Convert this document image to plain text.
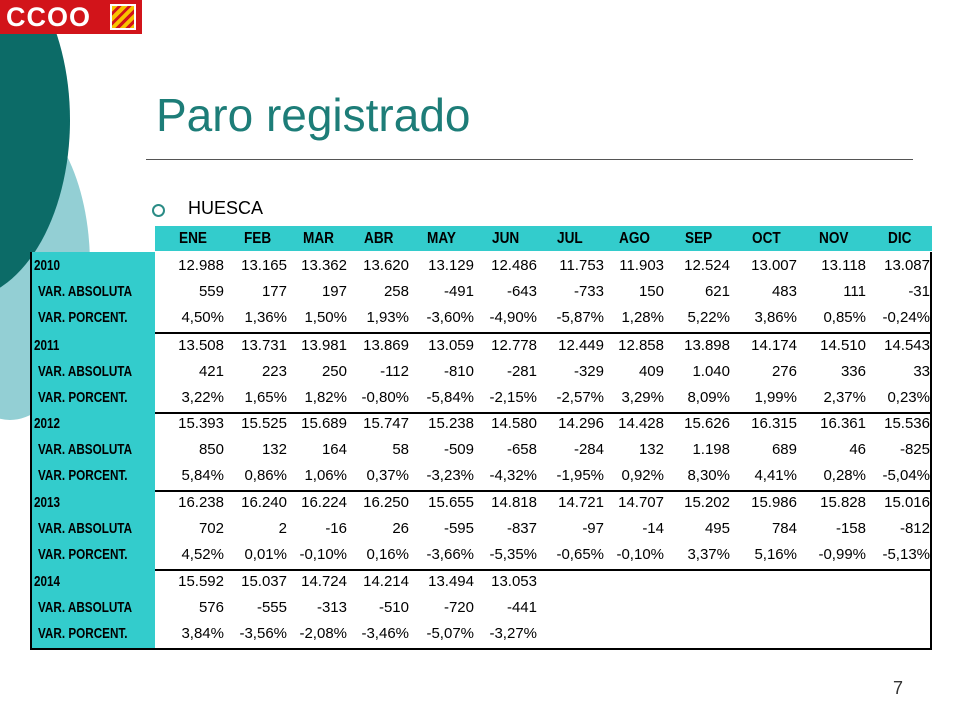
CCOO
Paro registrado
HUESCA
ENE FEB MAR ABR MAY JUN JUL AGO SEP OCT NOV DIC
2010	12.988	13.165 13.362	13.620	13.129	12.486	11.753	11.903	12.524	13.007	13.118	13.087
VAR. ABSOLUTA	559	177	197	258	-491	-643	-733	150	621	483	111	-31
VAR. PORCENT.	4,50%	1,36%	1,50%	1,93%	-3,60%	-4,90%	-5,87%	1,28%	5,22%	3,86%	0,85%	-0,24%
2011	13.508	13.731 13.981	13.869	13.059	12.778	12.449 12.858	13.898	14.174	14.510	14.543
VAR. ABSOLUTA	421	223	250	-112	-810	-281	-329	409	1.040	276	336	33
VAR. PORCENT.	3,22%	1,65%	1,82% -0,80%	-5,84%	-2,15%	-2,57%	3,29%	8,09%	1,99%	2,37%	0,23%
2012	15.393	15.525 15.689	15.747	15.238	14.580	14.296 14.428	15.626	16.315	16.361	15.536
VAR. ABSOLUTA	850	132	164	58	-509	-658	-284	132	1.198	689	46	-825
VAR. PORCENT.	5,84%	0,86%	1,06%	0,37%	-3,23%	-4,32%	-1,95%	0,92%	8,30%	4,41%	0,28%	-5,04%
2013	16.238	16.240 16.224	16.250	15.655	14.818	14.721 14.707	15.202	15.986	15.828	15.016
VAR. ABSOLUTA	702	2	-16	26	-595	-837	-97	-14	495	784	-158	-812
VAR. PORCENT.	4,52%	0,01% -0,10%	0,16%	-3,66%	-5,35%	-0,65% -0,10%	3,37%	5,16%	-0,99%	-5,13%
2014	15.592	15.037 14.724	14.214	13.494	13.053
VAR. ABSOLUTA	576	-555	-313	-510	-720	-441
VAR. PORCENT.	3,84%	-3,56% -2,08% -3,46%	-5,07%	-3,27%
7
